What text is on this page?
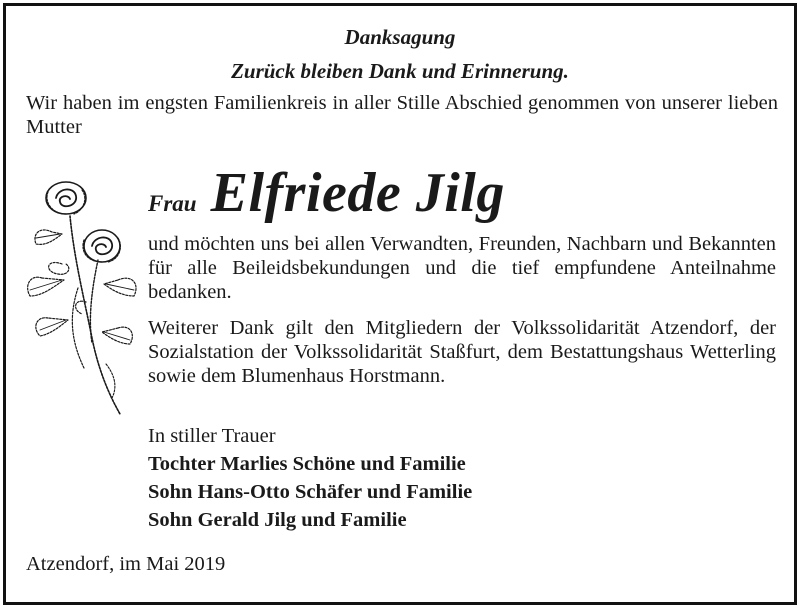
Danksagung
Zurück bleiben Dank und Erinnerung.

Wir haben im engsten Familienkreis in aller Stille Abschied genommen von unserer lieben Mutter

Frau Elfriede Jilg

und möchten uns bei allen Verwandten, Freunden, Nachbarn und Bekannten für alle Beileidsbekundungen und die tief empfundene Anteilnahme bedanken.

Weiterer Dank gilt den Mitgliedern der Volkssolidarität Atzendorf, der Sozialstation der Volkssolidarität Staßfurt, dem Bestattungshaus Wetterling sowie dem Blumenhaus Horstmann.

In stiller Trauer

Tochter Marlies Schöne und Familie

Sohn Hans-Otto Schäfer und Familie

Sohn Gerald Jilg und Familie

Atzendorf, im Mai 2019
